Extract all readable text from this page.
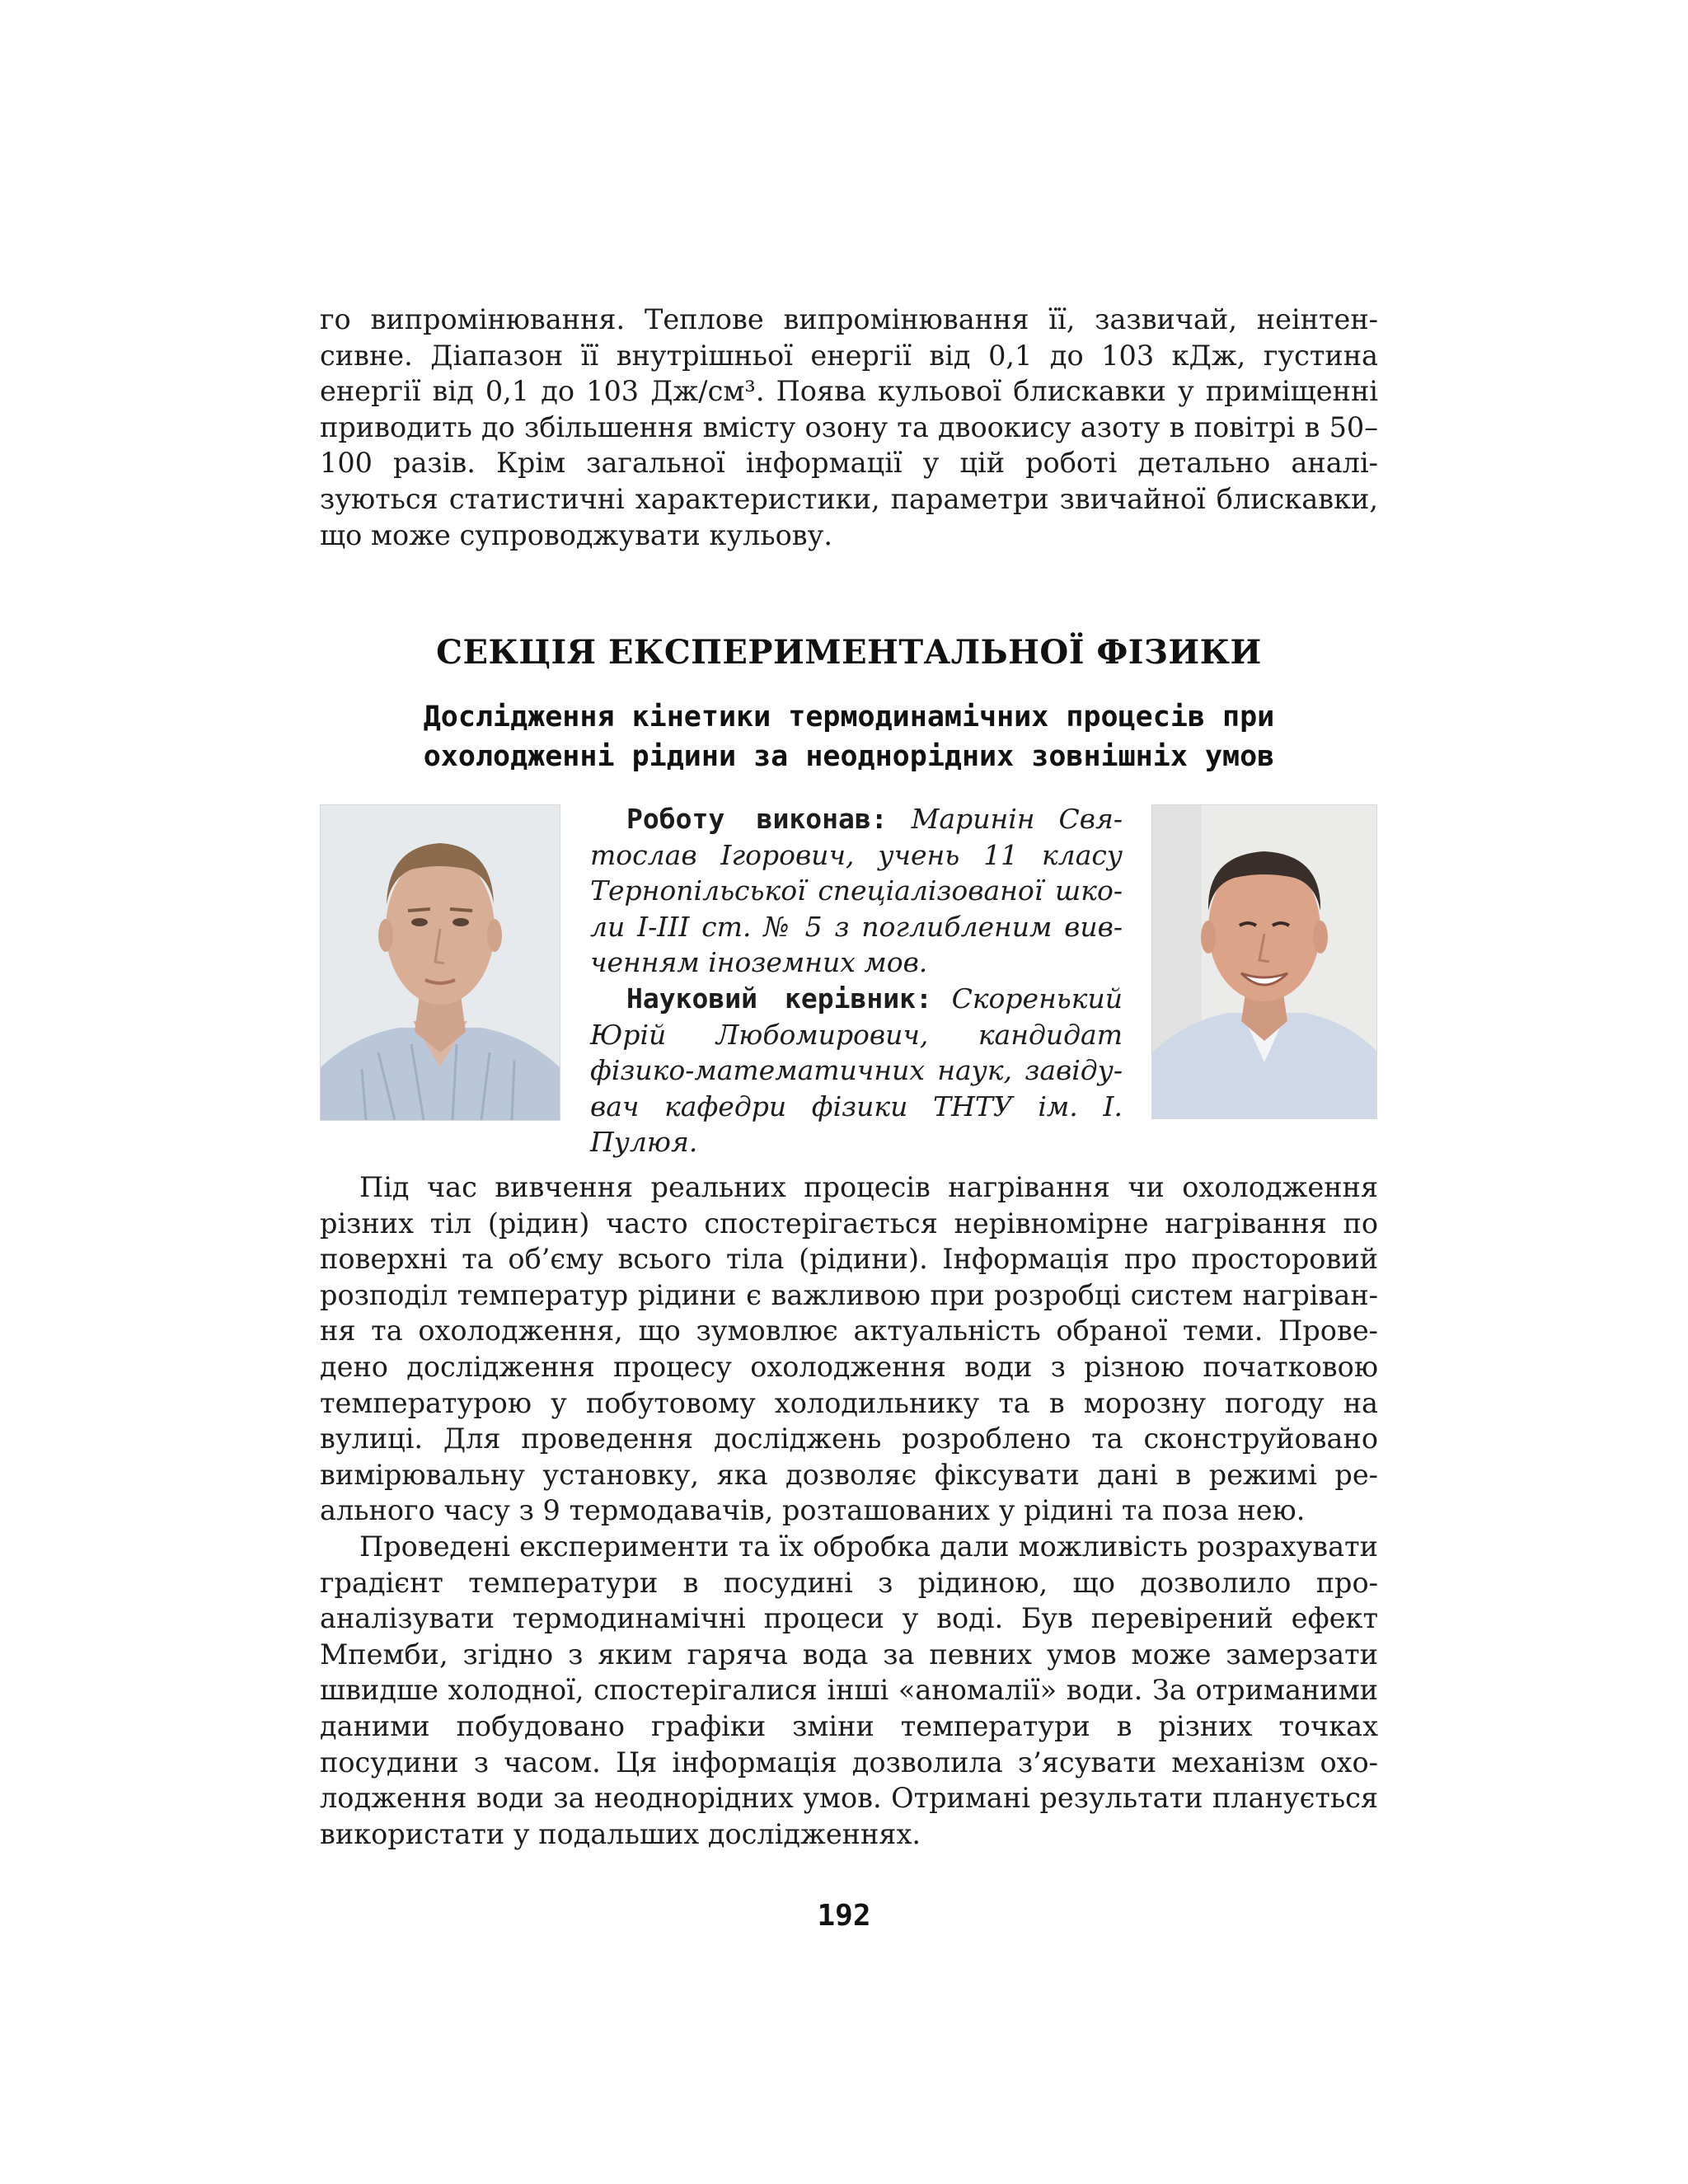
го випромінювання. Теплове випромінювання її, зазвичай, неінтенсивне. Діапазон її внутрішньої енергії від 0,1 до 103 кДж, густина енергії від 0,1 до 103 Дж/см³. Поява кульової блискавки у приміщенні приводить до збільшення вмісту озону та двоокису азоту в повітрі в 50–100 разів. Крім загальної інформації у цій роботі детально аналізуються статистичні характеристики, параметри звичайної блискавки, що може супроводжувати кульову.

СЕКЦІЯ ЕКСПЕРИМЕНТАЛЬНОЇ ФІЗИКИ
Дослідження кінетики термодинамічних процесів при
охолодженні рідини за неоднорідних зовнішніх умов

Роботу виконав: Маринін Святослав Ігорович, учень 11 класу Тернопільської спеціалізованої школи І-ІІІ ст. № 5 з поглибленим вивченням іноземних мов.

Науковий керівник: Скоренький Юрій Любомирович, кандидат фізико-математичних наук, завідувач кафедри фізики ТНТУ ім. І. Пулюя.

Під час вивчення реальних процесів нагрівання чи охолодження різних тіл (рідин) часто спостерігається нерівномірне нагрівання по поверхні та об’єму всього тіла (рідини). Інформація про просторовий розподіл температур рідини є важливою при розробці систем нагрівання та охолодження, що зумовлює актуальність обраної теми. Проведено дослідження процесу охолодження води з різною початковою температурою у побутовому холодильнику та в морозну погоду на вулиці. Для проведення досліджень розроблено та сконструйовано вимірювальну установку, яка дозволяє фіксувати дані в режимі реального часу з 9 термодавачів, розташованих у рідині та поза нею.

Проведені експерименти та їх обробка дали можливість розрахувати градієнт температури в посудині з рідиною, що дозволило проаналізувати термодинамічні процеси у воді. Був перевірений ефект Мпемби, згідно з яким гаряча вода за певних умов може замерзати швидше холодної, спостерігалися інші «аномалії» води. За отриманими даними побудовано графіки зміни температури в різних точках посудини з часом. Ця інформація дозволила з’ясувати механізм охолодження води за неоднорідних умов. Отримані результати планується використати у подальших дослідженнях.

192
